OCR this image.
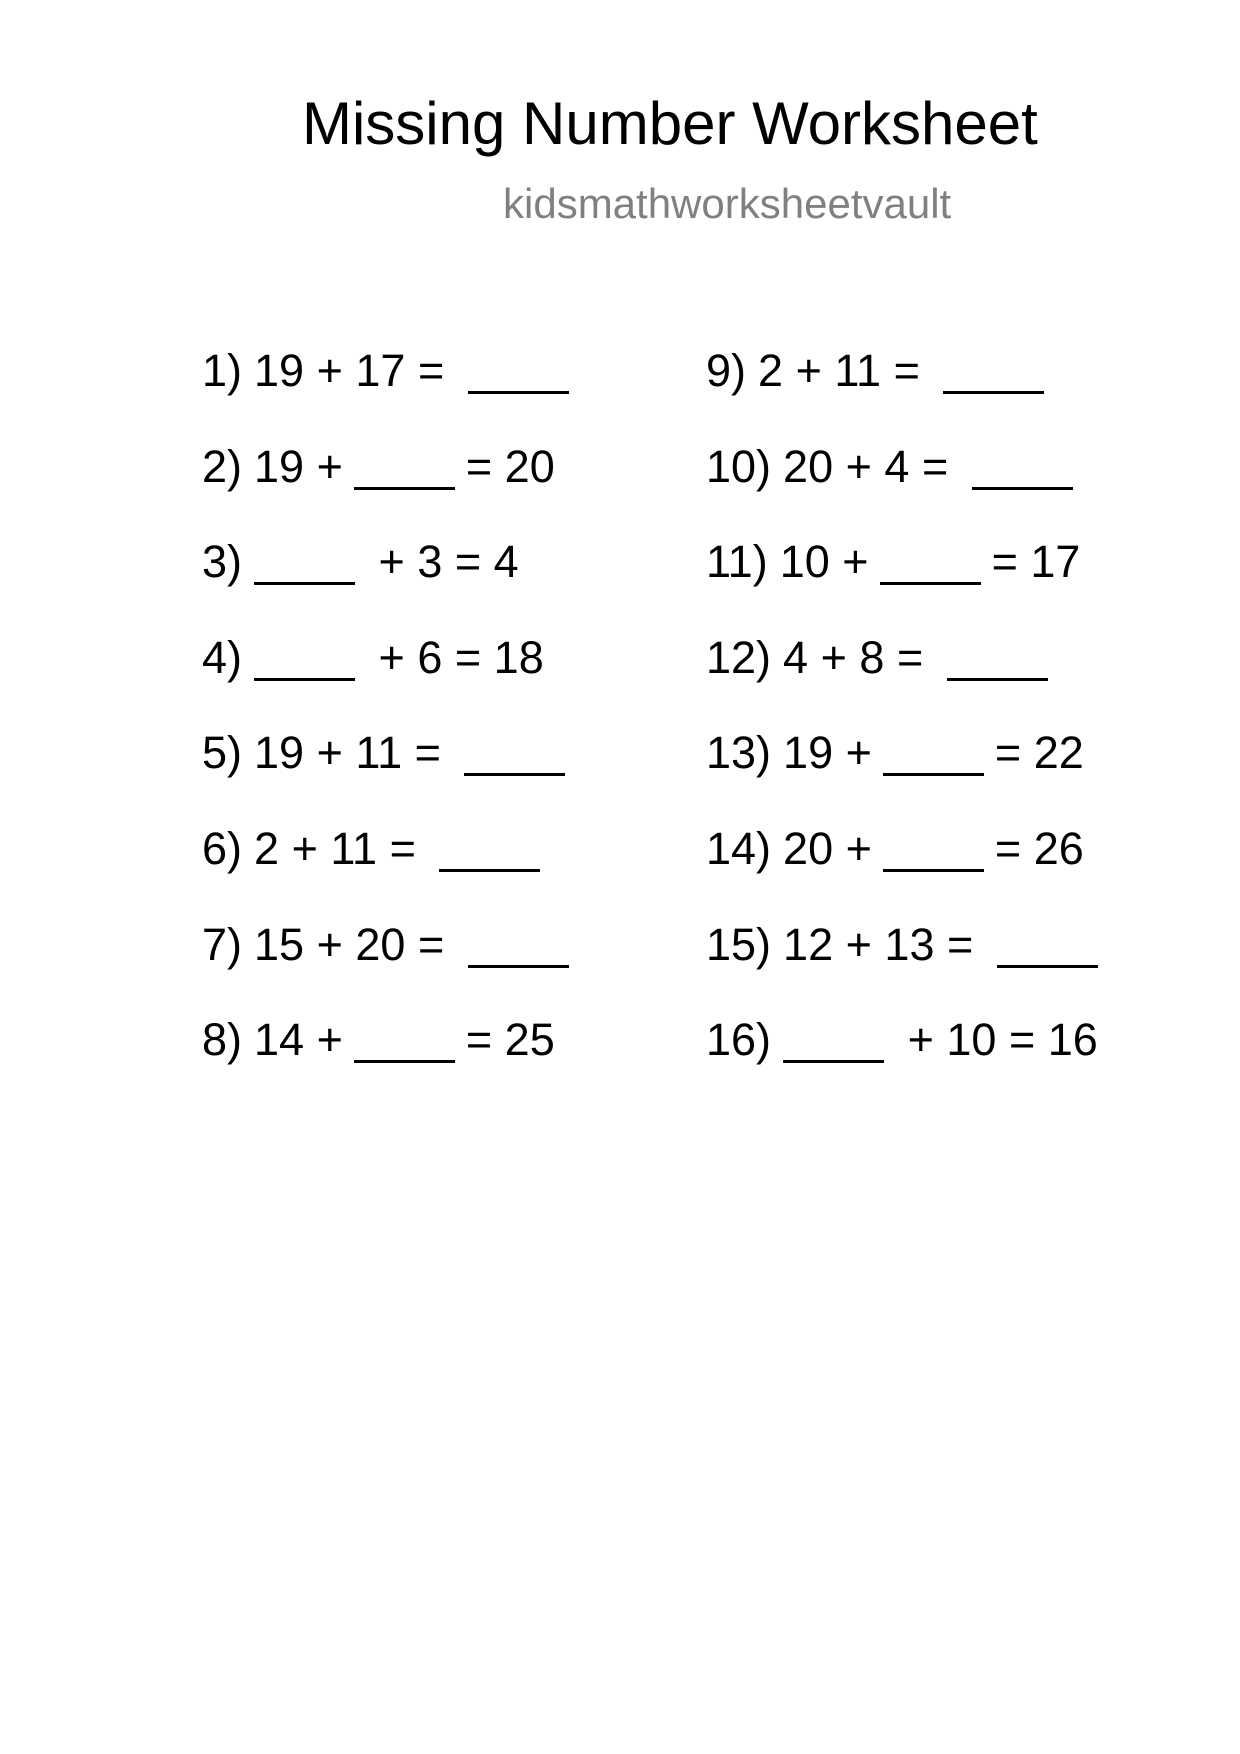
Missing Number Worksheet
kidsmathworksheetvault
1) 19
+
17
=

2) 19
+	=
20
3)
	+
3
=
4
4)
	+
6
=
18
5) 19
+
11
=

6) 2
+
11
=

7) 15
+
20
=

8) 14
+	=
25
9) 2
+
11
=

10) 20
+
4
=

11) 10
+	=
17
12) 4
+
8
=

13) 19
+	=
22
14) 20
+	=
26
15) 12
+
13
=

16)
	+
10
=
16
